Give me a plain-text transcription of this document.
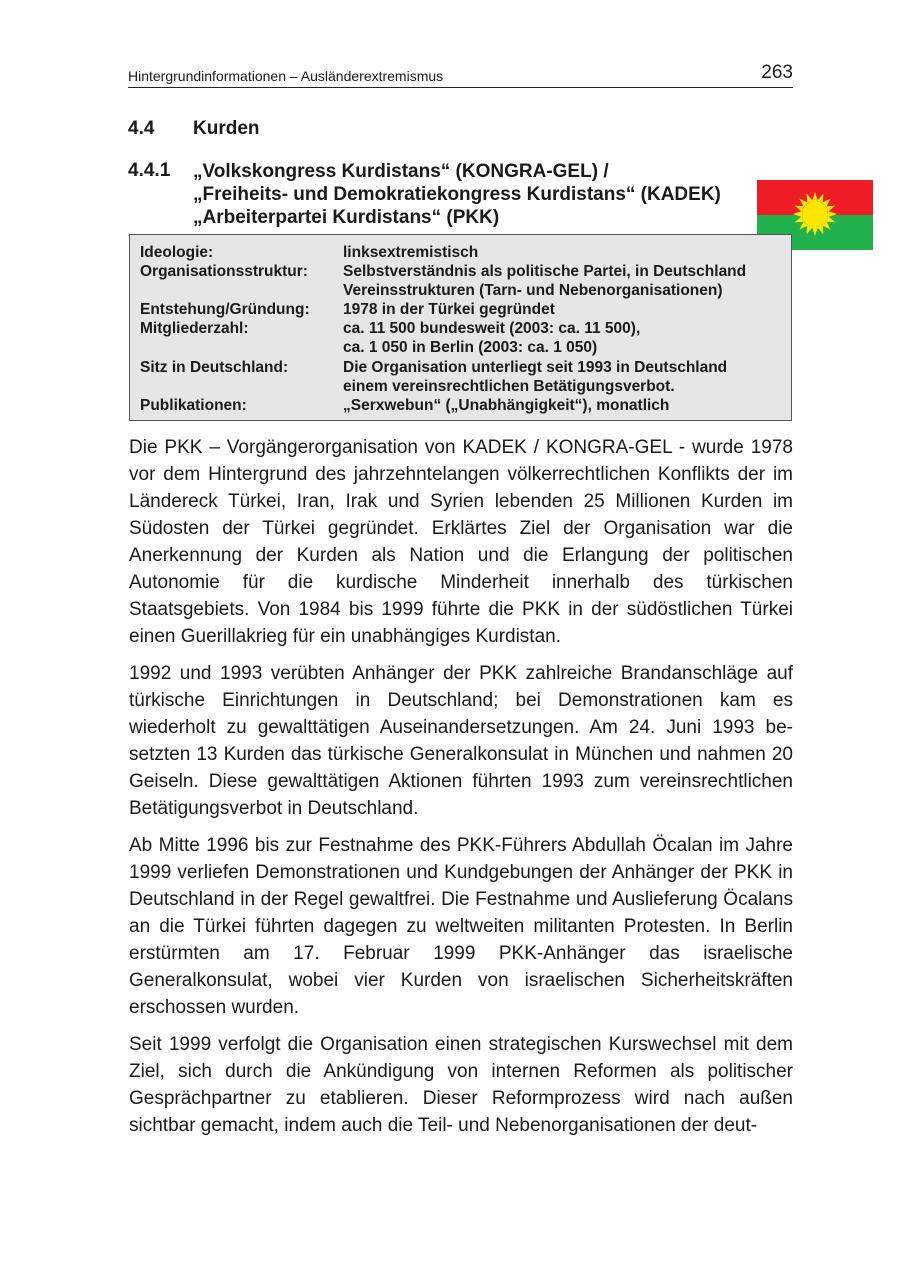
Hintergrundinformationen – Ausländerextremismus	263
4.4 Kurden
4.4.1 „Volkskongress Kurdistans“ (KONGRA-GEL) /
„Freiheits- und Demokratiekongress Kurdistans“ (KADEK)
„Arbeiterpartei Kurdistans“ (PKK)
Ideologie:	linksextremistisch
Organisationsstruktur: Selbstverständnis als politische Partei, in Deutschland
Vereinsstrukturen (Tarn- und Nebenorganisationen)
Entstehung/Gründung: 1978 in der Türkei gegründet
Mitgliederzahl:	ca. 11 500 bundesweit (2003: ca. 11 500),
ca. 1 050 in Berlin (2003: ca. 1 050)
Sitz in Deutschland:	Die Organisation unterliegt seit 1993 in Deutschland
einem vereinsrechtlichen Betätigungsverbot.
Publikationen:	„Serxwebun“ („Unabhängigkeit“), monatlich

Die PKK – Vorgängerorganisation von KADEK / KONGRA-GEL - wurde 1978 vor dem Hintergrund des jahrzehntelangen völkerrechtlichen Konflikts der im Ländereck Türkei, Iran, Irak und Syrien lebenden 25 Millionen Kurden im Südosten der Türkei gegründet. Erklärtes Ziel der Organisation war die Anerkennung der Kurden als Nation und die Erlangung der politischen Autonomie für die kurdische Minderheit innerhalb des türkischen Staatsgebiets. Von 1984 bis 1999 führte die PKK in der südöstlichen Türkei einen Guerillakrieg für ein unabhängiges Kurdistan.

1992 und 1993 verübten Anhänger der PKK zahlreiche Brandanschläge auf türkische Einrichtungen in Deutschland; bei Demonstrationen kam es wiederholt zu gewalttätigen Auseinandersetzungen. Am 24. Juni 1993 besetzten 13 Kurden das türkische Generalkonsulat in München und nahmen 20 Geiseln. Diese gewalttätigen Aktionen führten 1993 zum vereinsrechtlichen Betätigungsverbot in Deutschland.

Ab Mitte 1996 bis zur Festnahme des PKK-Führers Abdullah Öcalan im Jahre 1999 verliefen Demonstrationen und Kundgebungen der Anhänger der PKK in Deutschland in der Regel gewaltfrei. Die Festnahme und Auslieferung Öcalans an die Türkei führten dagegen zu weltweiten militanten Protesten. In Berlin erstürmten am 17. Februar 1999 PKK-Anhänger das israelische Generalkonsulat, wobei vier Kurden von israelischen Sicherheitskräften erschossen wurden.

Seit 1999 verfolgt die Organisation einen strategischen Kurswechsel mit dem Ziel, sich durch die Ankündigung von internen Reformen als politischer Gesprächpartner zu etablieren. Dieser Reformprozess wird nach außen sichtbar gemacht, indem auch die Teil- und Nebenorganisationen der deut-
